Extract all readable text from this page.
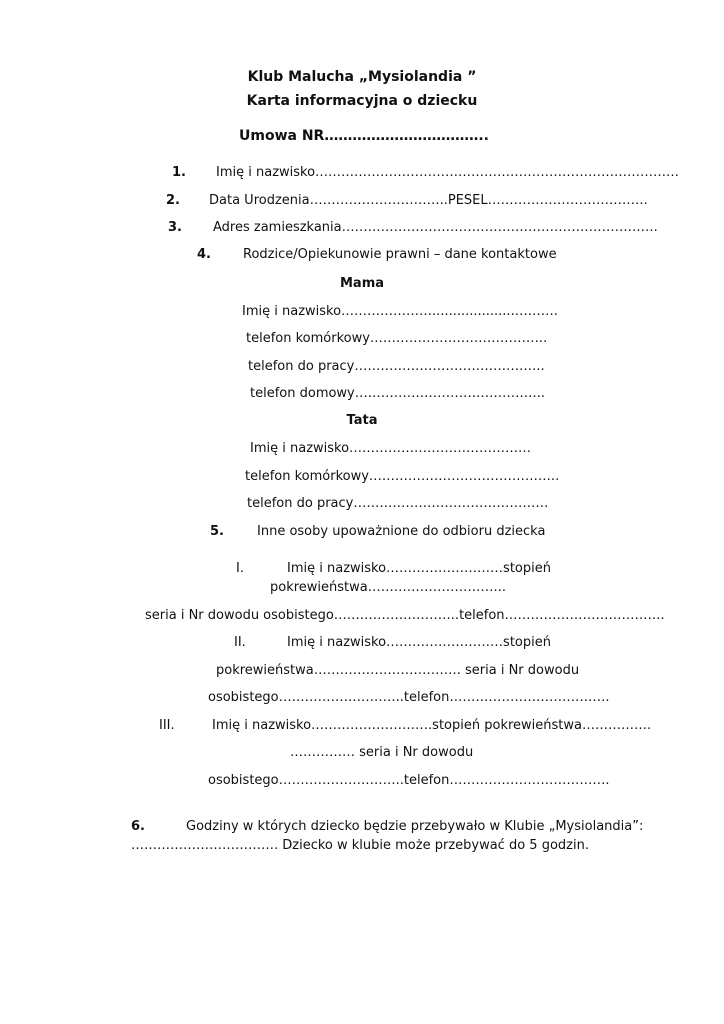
Klub Malucha „Mysiolandia ”
Karta informacyjna o dziecku
Umowa NR……………………………..
1. Imię i nazwisko…………………………………………………………………………
2. Data Urodzenia…………………………..PESEL……………………………….
3. Adres zamieszkania……………………………………………………………….
4. Rodzice/Opiekunowie prawni – dane kontaktowe
Mama
Imię i nazwisko…………………....................……….
telefon komórkowy…………………………………..
telefon do pracy……………………………………..
telefon domowy……………………………………..
Tata
Imię i nazwisko……………………………………
telefon komórkowy……………………………………..
telefon do pracy………………………………………
5.	Inne osoby upoważnione do odbioru dziecka
I.	Imię i nazwisko………………………stopień
pokrewieństwa…………………………..
seria i Nr dowodu osobistego………………………..telefon……………………………….
II.	Imię i nazwisko………………………stopień
pokrewieństwa……………………………. seria i Nr dowodu
osobistego………………………..telefon……………………………….
III.	Imię i nazwisko……………………….stopień pokrewieństwa…………….
…………… seria i Nr dowodu
osobistego………………………..telefon……………………………….
6.	Godziny w których dziecko będzie przebywało w Klubie „Mysiolandia”:
……………………………. Dziecko w klubie może przebywać do 5 godzin.
